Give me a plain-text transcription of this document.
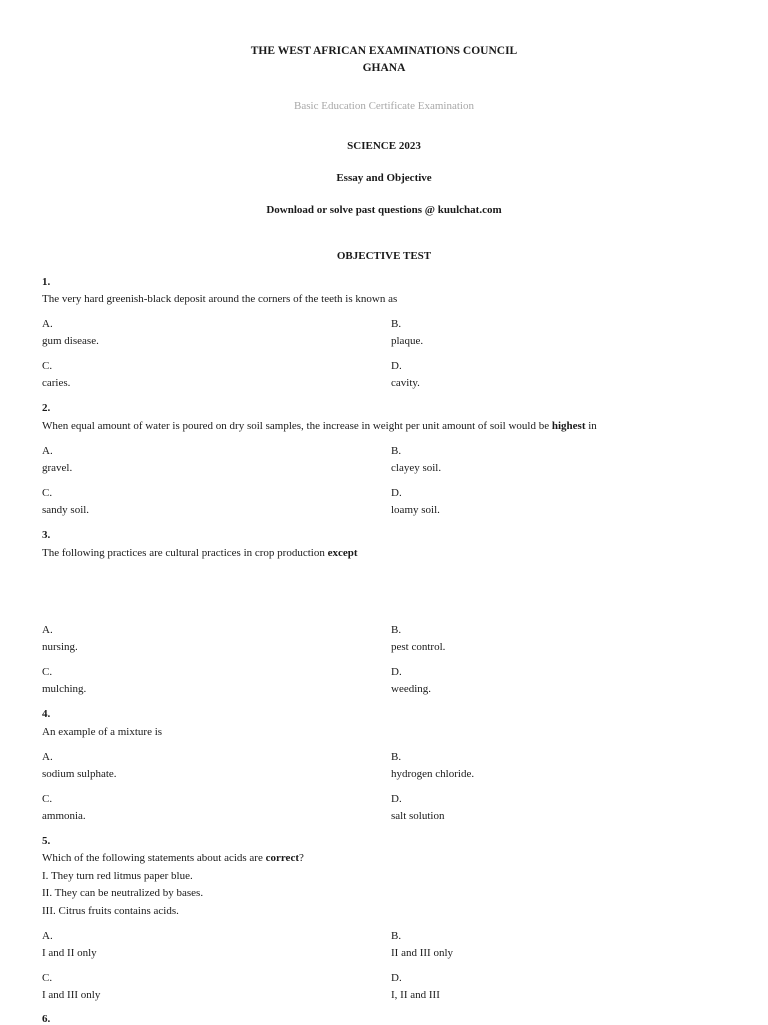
THE WEST AFRICAN EXAMINATIONS COUNCIL
GHANA
Basic Education Certificate Examination
SCIENCE 2023
Essay and Objective
Download or solve past questions @ kuulchat.com
OBJECTIVE TEST
1.
The very hard greenish-black deposit around the corners of the teeth is known as
A.
gum disease.
B.
plaque.
C.
caries.
D.
cavity.
2.
When equal amount of water is poured on dry soil samples, the increase in weight per unit amount of soil would be highest in
A.
gravel.
B.
clayey soil.
C.
sandy soil.
D.
loamy soil.
3.
The following practices are cultural practices in crop production except
A.
nursing.
B.
pest control.
C.
mulching.
D.
weeding.
4.
An example of a mixture is
A.
sodium sulphate.
B.
hydrogen chloride.
C.
ammonia.
D.
salt solution
5.
Which of the following statements about acids are correct?
I. They turn red litmus paper blue.
II. They can be neutralized by bases.
III. Citrus fruits contains acids.
A.
I and II only
B.
II and III only
C.
I and III only
D.
I, II and III
6.
